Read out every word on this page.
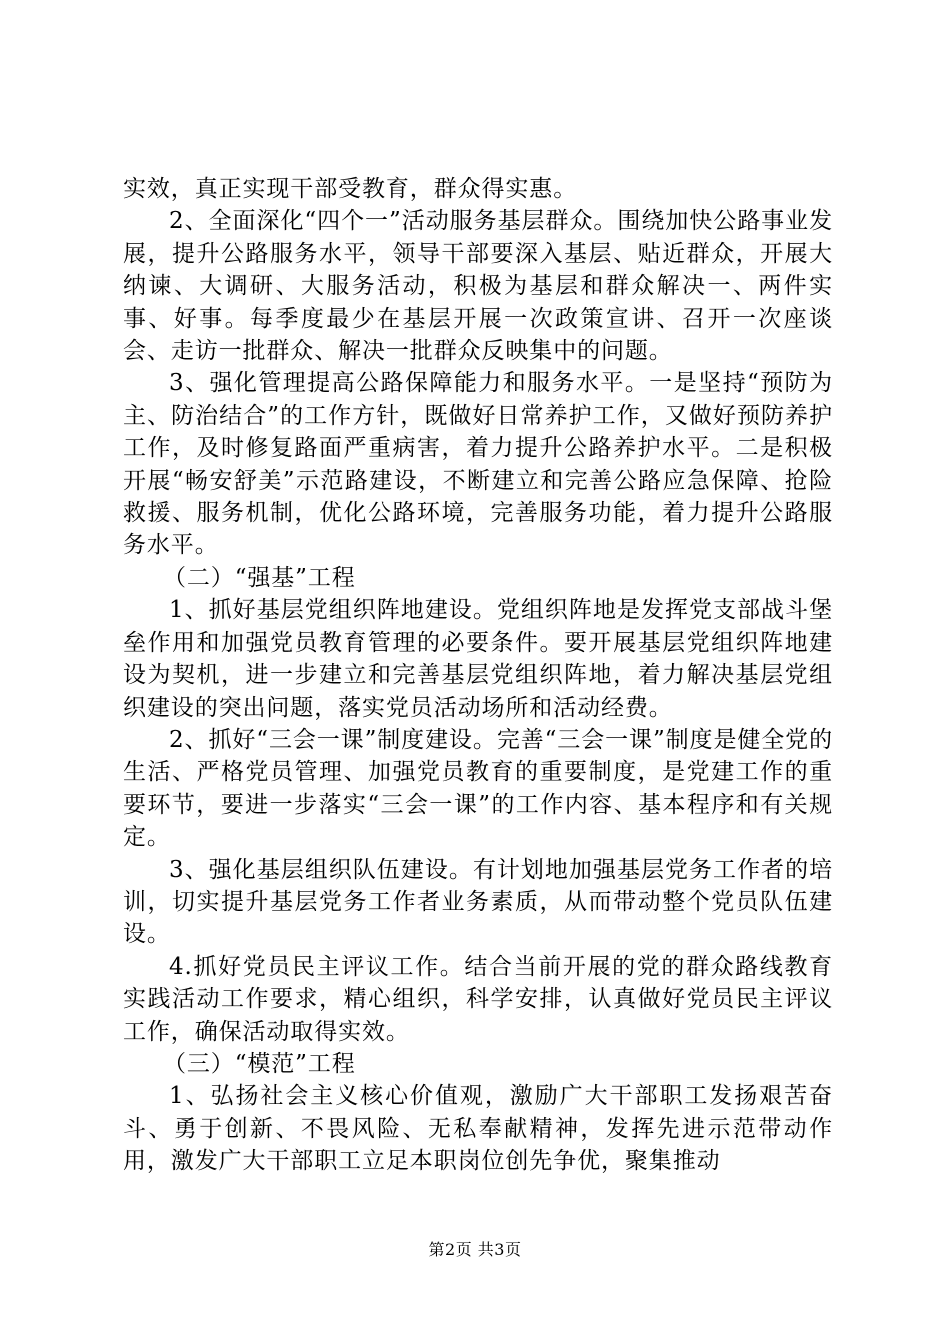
实效，真正实现干部受教育，群众得实惠。

2、全面深化“四个一”活动服务基层群众。围绕加快公路事业发展，提升公路服务水平，领导干部要深入基层、贴近群众，开展大纳谏、大调研、大服务活动，积极为基层和群众解决一、两件实事、好事。每季度最少在基层开展一次政策宣讲、召开一次座谈会、走访一批群众、解决一批群众反映集中的问题。

3、强化管理提高公路保障能力和服务水平。一是坚持“预防为主、防治结合”的工作方针，既做好日常养护工作，又做好预防养护工作，及时修复路面严重病害，着力提升公路养护水平。二是积极开展“畅安舒美”示范路建设，不断建立和完善公路应急保障、抢险救援、服务机制，优化公路环境，完善服务功能，着力提升公路服务水平。

（二）“强基”工程

1、抓好基层党组织阵地建设。党组织阵地是发挥党支部战斗堡垒作用和加强党员教育管理的必要条件。要开展基层党组织阵地建设为契机，进一步建立和完善基层党组织阵地，着力解决基层党组织建设的突出问题，落实党员活动场所和活动经费。

2、抓好“三会一课”制度建设。完善“三会一课”制度是健全党的生活、严格党员管理、加强党员教育的重要制度，是党建工作的重要环节，要进一步落实“三会一课”的工作内容、基本程序和有关规定。

3、强化基层组织队伍建设。有计划地加强基层党务工作者的培训，切实提升基层党务工作者业务素质，从而带动整个党员队伍建设。

4.抓好党员民主评议工作。结合当前开展的党的群众路线教育实践活动工作要求，精心组织，科学安排，认真做好党员民主评议工作，确保活动取得实效。

（三）“模范”工程

1、弘扬社会主义核心价值观，激励广大干部职工发扬艰苦奋斗、勇于创新、不畏风险、无私奉献精神，发挥先进示范带动作用，激发广大干部职工立足本职岗位创先争优，聚集推动

第2页 共3页
